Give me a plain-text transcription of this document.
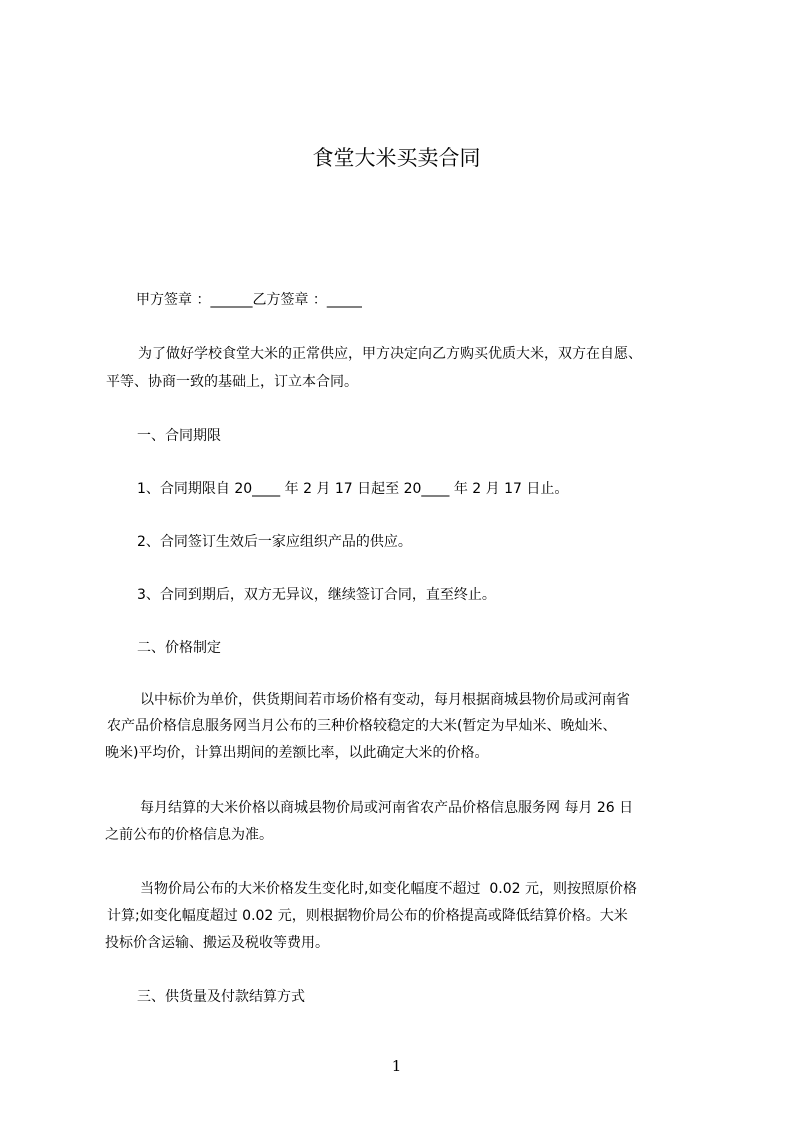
食堂大米买卖合同
甲方签章 ：______乙方签章 ：_____
为了做好学校食堂大米的正常供应，甲方决定向乙方购买优质大米，双方在自愿、
平等、协商一致的基础上，订立本合同。
一、合同期限
1、合同期限自 20____ 年 2 月 17 日起至 20____ 年 2 月 17 日止。
2、合同签订生效后一家应组织产品的供应。
3、合同到期后，双方无异议，继续签订合同，直至终止。
二、价格制定
以中标价为单价，供货期间若市场价格有变动，每月根据商城县物价局或河南省
农产品价格信息服务网当月公布的三种价格较稳定的大米(暂定为早灿米、晚灿米、
晚米)平均价，计算出期间的差额比率，以此确定大米的价格。
每月结算的大米价格以商城县物价局或河南省农产品价格信息服务网 每月 26 日
之前公布的价格信息为准。
当物价局公布的大米价格发生变化时,如变化幅度不超过  0.02 元，则按照原价格
计算;如变化幅度超过 0.02 元，则根据物价局公布的价格提高或降低结算价格。大米
投标价含运输、搬运及税收等费用。
三、供货量及付款结算方式
1
